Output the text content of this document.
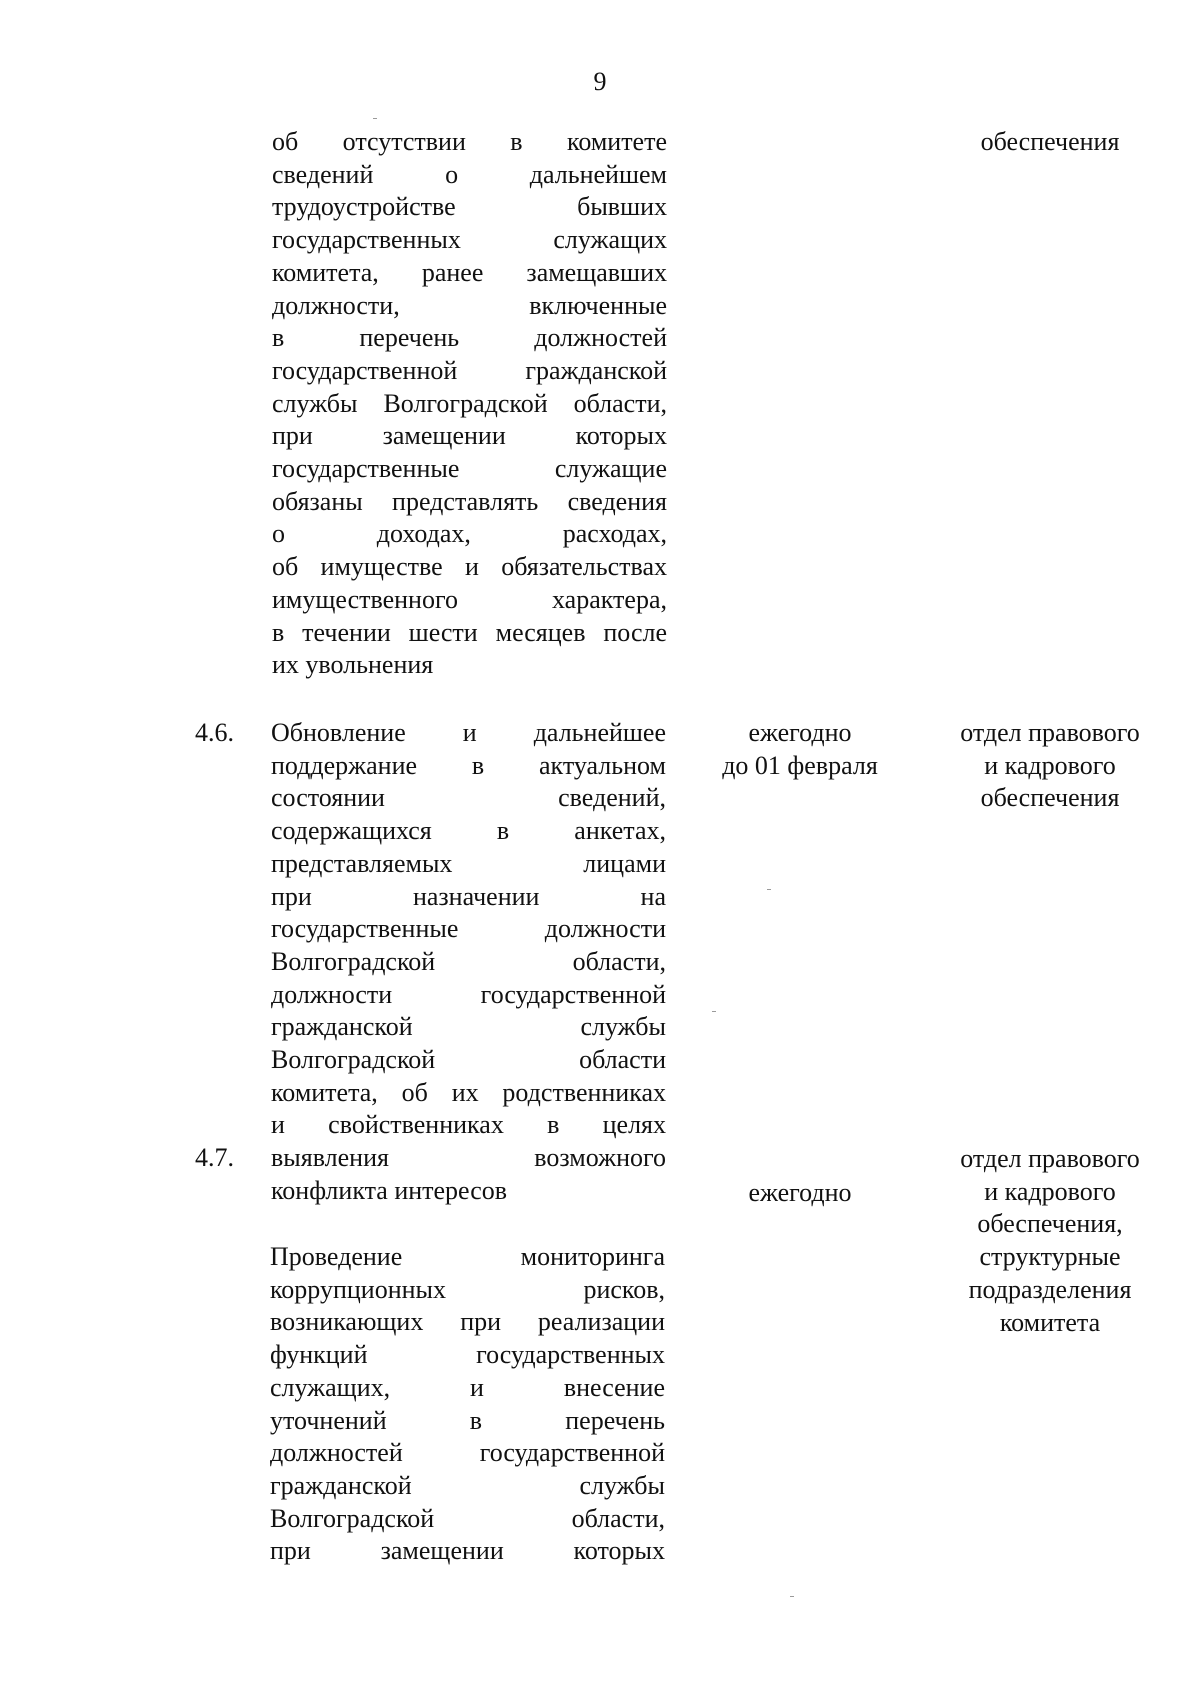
9
об отсутствии в комитете
сведений о дальнейшем
трудоустройстве бывших
государственных служащих
комитета, ранее замещавших
должности, включенные
в перечень должностей
государственной гражданской
службы Волгоградской области,
при замещении которых
государственные служащие
обязаны представлять сведения
о доходах, расходах,
об имуществе и обязательствах
имущественного характера,
в течении шести месяцев после
их увольнения
обеспечения
4.6. Обновление и дальнейшее
поддержание в актуальном
состоянии сведений,
содержащихся в анкетах,
представляемых лицами
при назначении на
государственные должности
Волгоградской области,
должности государственной
гражданской службы
Волгоградской области
комитета, об их родственниках
и свойственниках в целях
выявления возможного
конфликта интересов
ежегодно
до 01 февраля
отдел правового
и кадрового
обеспечения
4.7.
Проведение мониторинга
коррупционных рисков,
возникающих при реализации
функций государственных
служащих, и внесение
уточнений в перечень
должностей государственной
гражданской службы
Волгоградской области,
при замещении которых
ежегодно
отдел правового
и кадрового
обеспечения,
структурные
подразделения
комитета
